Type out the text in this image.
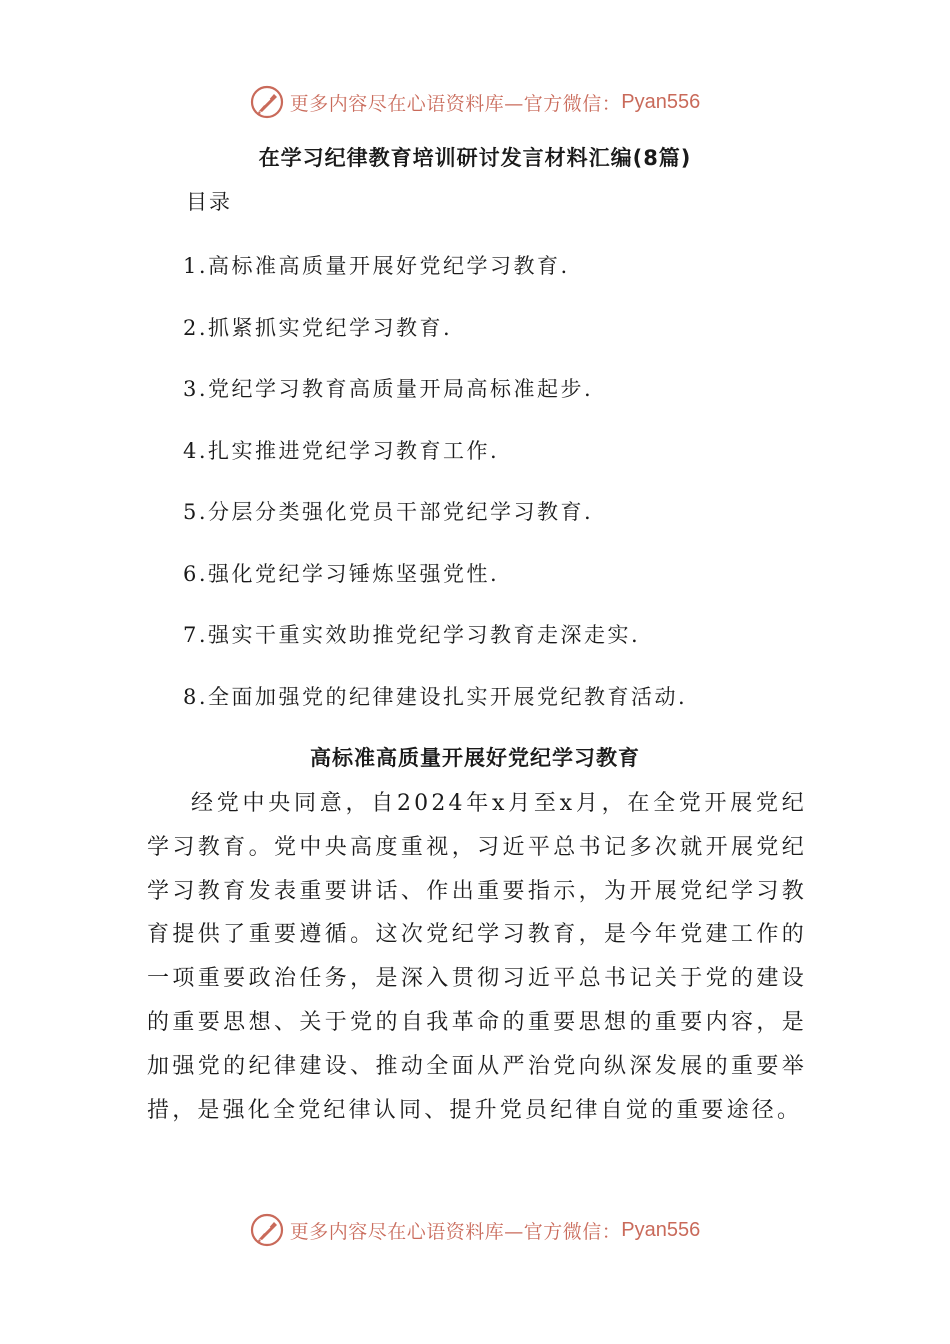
更多内容尽在心语资料库—官方微信： Pyan556
在学习纪律教育培训研讨发言材料汇编(8篇)
目录
1.高标准高质量开展好党纪学习教育.
2.抓紧抓实党纪学习教育.
3.党纪学习教育高质量开局高标准起步.
4.扎实推进党纪学习教育工作.
5.分层分类强化党员干部党纪学习教育.
6.强化党纪学习锤炼坚强党性.
7.强实干重实效助推党纪学习教育走深走实.
8.全面加强党的纪律建设扎实开展党纪教育活动.
高标准高质量开展好党纪学习教育

经党中央同意，自2024年x月至x月，在全党开展党纪学习教育。党中央高度重视，习近平总书记多次就开展党纪学习教育发表重要讲话、作出重要指示，为开展党纪学习教育提供了重要遵循。这次党纪学习教育，是今年党建工作的一项重要政治任务，是深入贯彻习近平总书记关于党的建设的重要思想、关于党的自我革命的重要思想的重要内容，是加强党的纪律建设、推动全面从严治党向纵深发展的重要举措，是强化全党纪律认同、提升党员纪律自觉的重要途径。

更多内容尽在心语资料库—官方微信： Pyan556
